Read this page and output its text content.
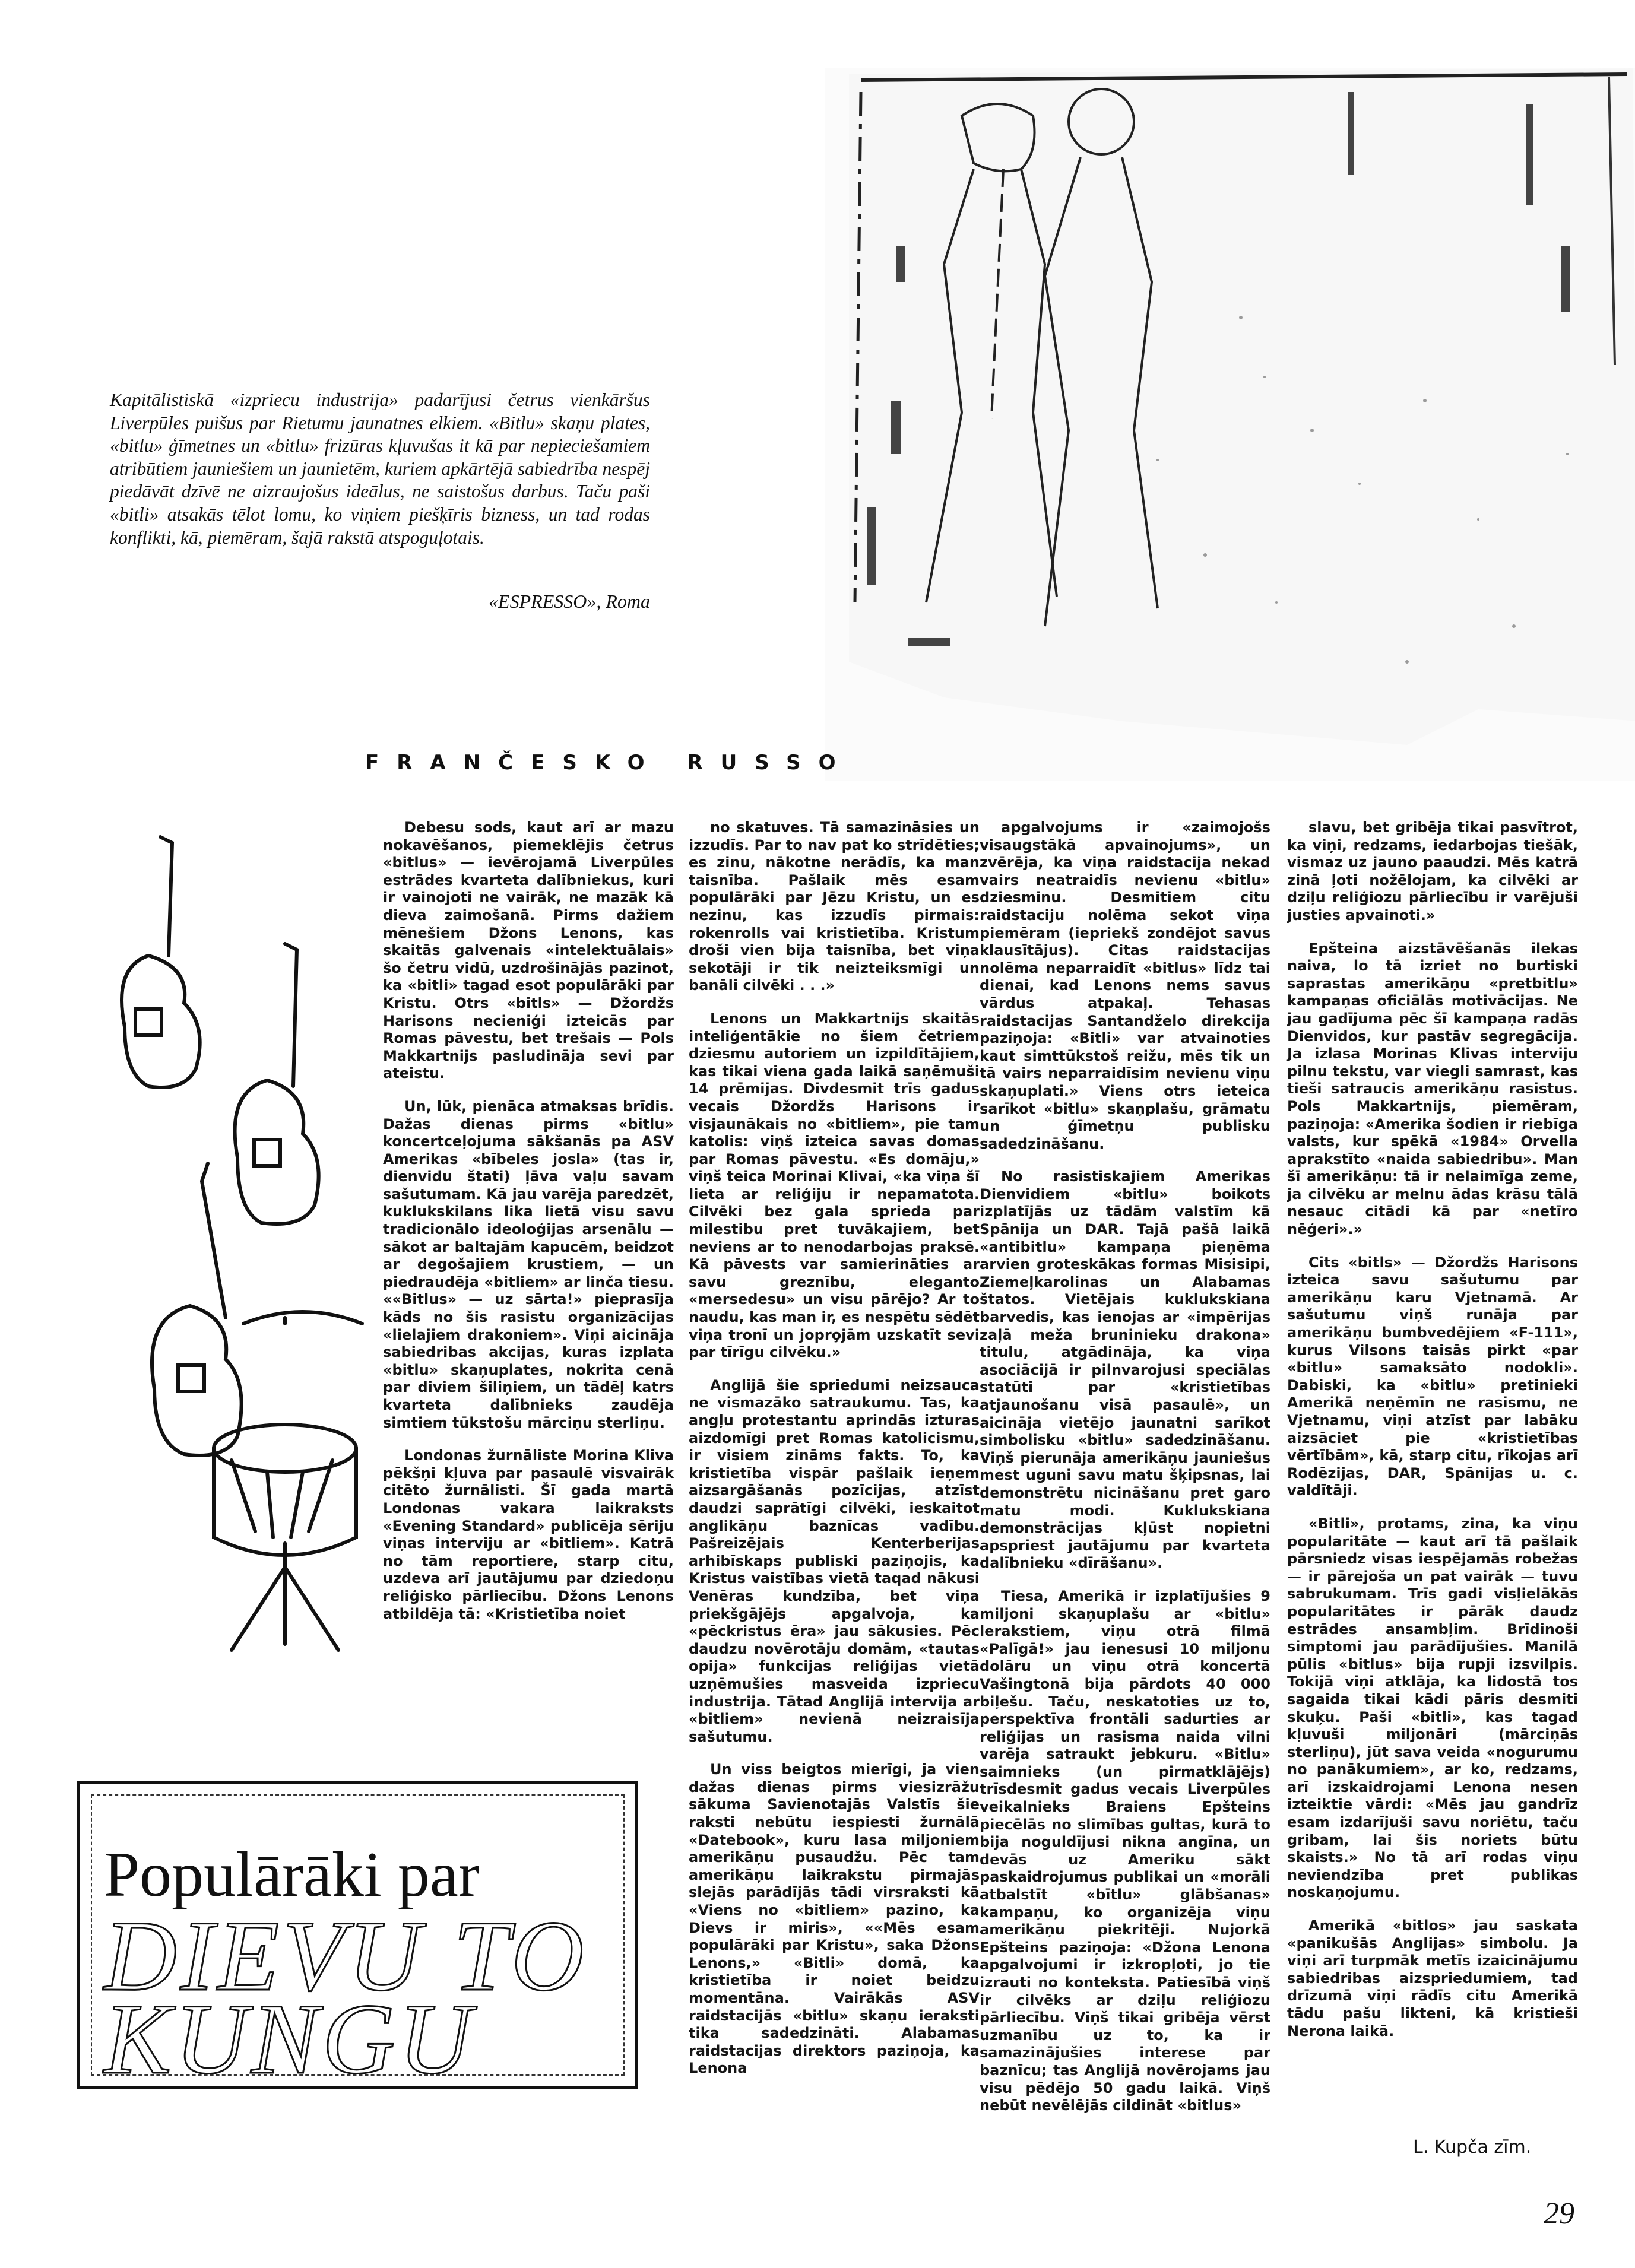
Kapitālistiskā «izpriecu industrija» padarījusi četrus vienkāršus Liverpūles puišus par Rietumu jaunatnes elkiem. «Bitlu» skaņu plates, «bitlu» ģīmetnes un «bitlu» frizūras kļuvušas it kā par nepieciešamiem atribūtiem jauniešiem un jaunietēm, kuriem apkārtējā sabiedrība nespēj piedāvāt dzīvē ne aizraujošus ideālus, ne saistošus darbus. Taču paši «bitli» atsakās tēlot lomu, ko viņiem piešķīris bizness, un tad rodas konflikti, kā, piemēram, šajā rakstā atspoguļotais.
«ESPRESSO», Roma
FRANČESKO RUSSO

Debesu sods, kaut arī ar mazu nokavēšanos, piemeklējis četrus «bitlus» — ievērojamā Liverpūles estrādes kvarteta dalībniekus, kuri ir vainojoti ne vairāk, ne mazāk kā dieva zaimošanā. Pirms dažiem mēnešiem Džons Lenons, kas skaitās galvenais «intelektuālais» šo četru vidū, uzdrošinājās pazinot, ka «bitli» tagad esot populārāki par Kristu. Otrs «bitls» — Džordžs Harisons necieniģi izteicās par Romas pāvestu, bet trešais — Pols Makkartnijs pasludināja sevi par ateistu.

Un, lūk, pienāca atmaksas brīdis. Dažas dienas pirms «bitlu» koncertceļojuma sākšanās pa ASV Amerikas «bībeles josla» (tas ir, dienvidu štati) ļāva vaļu savam sašutumam. Kā jau varēja paredzēt, kuklukskilans lika lietā visu savu tradicionālo ideoloģijas arsenālu — sākot ar baltajām kapucēm, beidzot ar degošajiem krustiem, — un piedraudēja «bitliem» ar linča tiesu. ««Bitlus» — uz sārta!» pieprasīja kāds no šis rasistu organizācijas «lielajiem drakoniem». Viņi aicināja sabiedribas akcijas, kuras izplata «bitlu» skaņuplates, nokrita cenā par diviem šiliņiem, un tādēļ katrs kvarteta dalībnieks zaudēja simtiem tūkstošu mārciņu sterliņu.

Londonas žurnāliste Morina Kliva pēkšņi kļuva par pasaulē visvairāk citēto žurnālisti. Šī gada martā Londonas vakara laikraksts «Evening Standard» publicēja sēriju viņas interviju ar «bitliem». Katrā no tām reportiere, starp citu, uzdeva arī jautājumu par dziedoņu reliģisko pārliecību. Džons Lenons atbildēja tā: «Kristietība noiet

no skatuves. Tā samazināsies un izzudīs. Par to nav pat ko strīdēties; es zinu, nākotne nerādīs, ka man taisnība. Pašlaik mēs esam populārāki par Jēzu Kristu, un es nezinu, kas izzudīs pirmais: rokenrolls vai kristietība. Kristum droši vien bija taisnība, bet viņa sekotāji ir tik neizteiksmīgi un banāli cilvēki . . .»

Lenons un Makkartnijs skaitās inteliģentākie no šiem četriem dziesmu autoriem un izpildītājiem, kas tikai viena gada laikā saņēmuši 14 prēmijas. Divdesmit trīs gadus vecais Džordžs Harisons ir visjaunākais no «bitliem», pie tam katolis: viņš izteica savas domas par Romas pāvestu. «Es domāju,» viņš teica Morinai Klivai, «ka viņa šī lieta ar reliģiju ir nepamatota. Cilvēki bez gala sprieda par milestibu pret tuvākajiem, bet neviens ar to nenodarbojas praksē. Kā pāvests var samierināties ar savu greznību, eleganto «mersedesu» un visu pārējo? Ar to naudu, kas man ir, es nespētu sēdēt viņa tronī un jopro̧jām uzskatīt sevi par tīrīgu cilvēku.»

Anglijā šie spriedumi neizsauca ne vismazāko satraukumu. Tas, ka angļu protestantu aprindās izturas aizdomīgi pret Romas katolicismu, ir visiem zināms fakts. To, ka kristietība vispār pašlaik ieņem aizsargāšanās pozīcijas, atzīst daudzi saprātīgi cilvēki, ieskaitot anglikāņu baznīcas vadību. Pašreizējais Kenterberijas arhibīskaps publiski paziņojis, ka Kristus vaistības vietā taqad nākusi Venēras kundzība, bet viņa priekšgājējs apgalvoja, ka «pēckristus ēra» jau sākusies. Pēc daudzu novērotāju domām, «tautas opija» funkcijas reliģijas vietā uzņēmušies masveida izpriecu industrija. Tātad Anglijā intervija ar «bitliem» nevienā neizraisīja sašutumu.

Un viss beigtos mierīgi, ja vien dažas dienas pirms viesizrāžu sākuma Savienotajās Valstīs šie raksti nebūtu iespiesti žurnālā «Datebook», kuru lasa miljoniem amerikāņu pusaudžu. Pēc tam amerikāņu laikrakstu pirmajās slejās parādījās tādi virsraksti kā «Viens no «bitliem» pazino, ka Dievs ir miris», ««Mēs esam populārāki par Kristu», saka Džons Lenons,» «Bitli» domā, ka kristietība ir noiet beidzu momentāna. Vairākās ASV raidstacijās «bitlu» skaņu ieraksti tika sadedzināti. Alabamas raidstacijas direktors paziņoja, ka Lenona

apgalvojums ir «zaimojošs visaugstākā apvainojums», un zvērēja, ka viņa raidstacija nekad vairs neatraidīs nevienu «bitlu» dziesminu. Desmitiem citu raidstaciju nolēma sekot viņa piemēram (iepriekš zondējot savus klausītājus). Citas raidstacijas nolēma neparraidīt «bitlus» līdz tai dienai, kad Lenons nems savus vārdus atpakaļ. Tehasas raidstacijas Santandželo direkcija paziņoja: «Bitli» var atvainoties kaut simttūkstoš reižu, mēs tik un tā vairs neparraidīsim nevienu viņu skaņuplati.» Viens otrs ieteica sarīkot «bitlu» skaņplašu, grāmatu un ģīmetņu publisku sadedzināšanu.

No rasistiskajiem Amerikas Dienvidiem «bitlu» boikots izplatījās uz tādām valstīm kā Spānija un DAR. Tajā pašā laikā «antibitlu» kampaņa pieņēma arvien groteskākas formas Misisipi, Ziemeļkarolinas un Alabamas štatos. Vietējais kuklukskiana barvedis, kas ienojas ar «impērijas zaļā meža bruninieku drakona» titulu, atgādināja, ka viņa asociācijā ir pilnvarojusi speciālas statūti par «kristietības atjaunošanu visā pasaulē», un aicināja vietējo jaunatni sarīkot simbolisku «bitlu» sadedzināšanu. Viņš pierunāja amerikāņu jauniešus mest uguni savu matu šķipsnas, lai demonstrētu nicināšanu pret garo matu modi. Kuklukskiana demonstrācijas kļūst nopietni apspriest jautājumu par kvarteta dalībnieku «dīrāšanu».

Tiesa, Amerikā ir izplatījušies 9 miljoni skaņuplašu ar «bitlu» lerakstiem, viņu otrā filmā «Palīgā!» jau ienesusi 10 miljonu dolāru un viņu otrā koncertā Vašingtonā bija pārdots 40 000 biļešu. Taču, neskatoties uz to, perspektīva frontāli sadurties ar reliģijas un rasisma naida vilni varēja satraukt jebkuru. «Bitlu» saimnieks (un pirmatklājējs) trīsdesmit gadus vecais Liverpūles veikalnieks Braiens Epšteins piecēlās no slimības gultas, kurā to bija noguldījusi nikna angīna, un devās uz Ameriku sākt paskaidrojumus publikai un «morāli atbalstīt «bītlu» glābšanas» kampaņu, ko organizēja viņu amerikāņu piekritēji. Nujorkā Epšteins paziņoja: «Džona Lenona apgalvojumi ir izkropļoti, jo tie izrauti no konteksta. Patiesībā viņš ir cilvēks ar dziļu reliģiozu pārliecību. Viņš tikai gribēja vērst uzmanību uz to, ka ir samazinājušies interese par baznīcu; tas Anglijā novērojams jau visu pēdējo 50 gadu laikā. Viņš nebūt nevēlējās cildināt «bitlus»

slavu, bet gribēja tikai pasvītrot, ka viņi, redzams, iedarbojas tiešāk, vismaz uz jauno paaudzi. Mēs katrā zinā ļoti nožēlojam, ka cilvēki ar dziļu reliģiozu pārliecību ir varējuši justies apvainoti.»

Epšteina aizstāvēšanās ilekas naiva, lo tā izriet no burtiski saprastas amerikāņu «pretbitlu» kampaņas oficiālās motivācijas. Ne jau gadījuma pēc šī kampaņa radās Dienvidos, kur pastāv segregācija. Ja izlasa Morinas Klivas interviju pilnu tekstu, var viegli samrast, kas tieši satraucis amerikāņu rasistus. Pols Makkartnijs, piemēram, paziņoja: «Amerika šodien ir riebīga valsts, kur spēkā «1984» Orvella aprakstīto «naida sabiedribu». Man šī amerikāņu: tā ir nelaimīga zeme, ja cilvēku ar melnu ādas krāsu tālā nesauc citādi kā par «netīro nēģeri».»

Cits «bitls» — Džordžs Harisons izteica savu sašutumu par amerikāņu karu Vjetnamā. Ar sašutumu viņš runāja par amerikāņu bumbvedējiem «F-111», kurus Vilsons taisās pirkt «par «bitlu» samaksāto nodokli». Dabiski, ka «bitlu» pretinieki Amerikā neņēmīn ne rasismu, ne Vjetnamu, viņi atzīst par labāku aizsāciet pie «kristietības vērtībām», kā, starp citu, rīkojas arī Rodēzijas, DAR, Spānijas u. c. valdītāji.

«Bitli», protams, zina, ka viņu popularitāte — kaut arī tā pašlaik pārsniedz visas iespējamās robežas — ir pārejoša un pat vairāk — tuvu sabrukumam. Trīs gadi visļielākās popularitātes ir pārāk daudz estrādes ansambļim. Brīdinoši simptomi jau parādījušies. Manilā pūlis «bitlus» bija rupji izsvilpis. Tokijā viņi atklāja, ka lidostā tos sagaida tikai kādi pāris desmiti skuķu. Paši «bitli», kas tagad kļuvuši miljonāri (mārciņās sterliņu), jūt sava veida «nogurumu no panākumiem», ar ko, redzams, arī izskaidrojami Lenona nesen izteiktie vārdi: «Mēs jau gandrīz esam izdarījuši savu noriētu, taču gribam, lai šis noriets būtu skaists.» No tā arī rodas viņu neviendzība pret publikas noskaņojumu.

Amerikā «bitlos» jau saskata «panikušās Anglijas» simbolu. Ja viņi arī turpmāk metīs izaicinājumu sabiedribas aizspriedumiem, tad drīzumā viņi rādīs citu Amerikā tādu pašu likteni, kā kristieši Nerona laikā.

Populārāki par
DIEVU TO KUNGU
L. Kupča zīm.
29
